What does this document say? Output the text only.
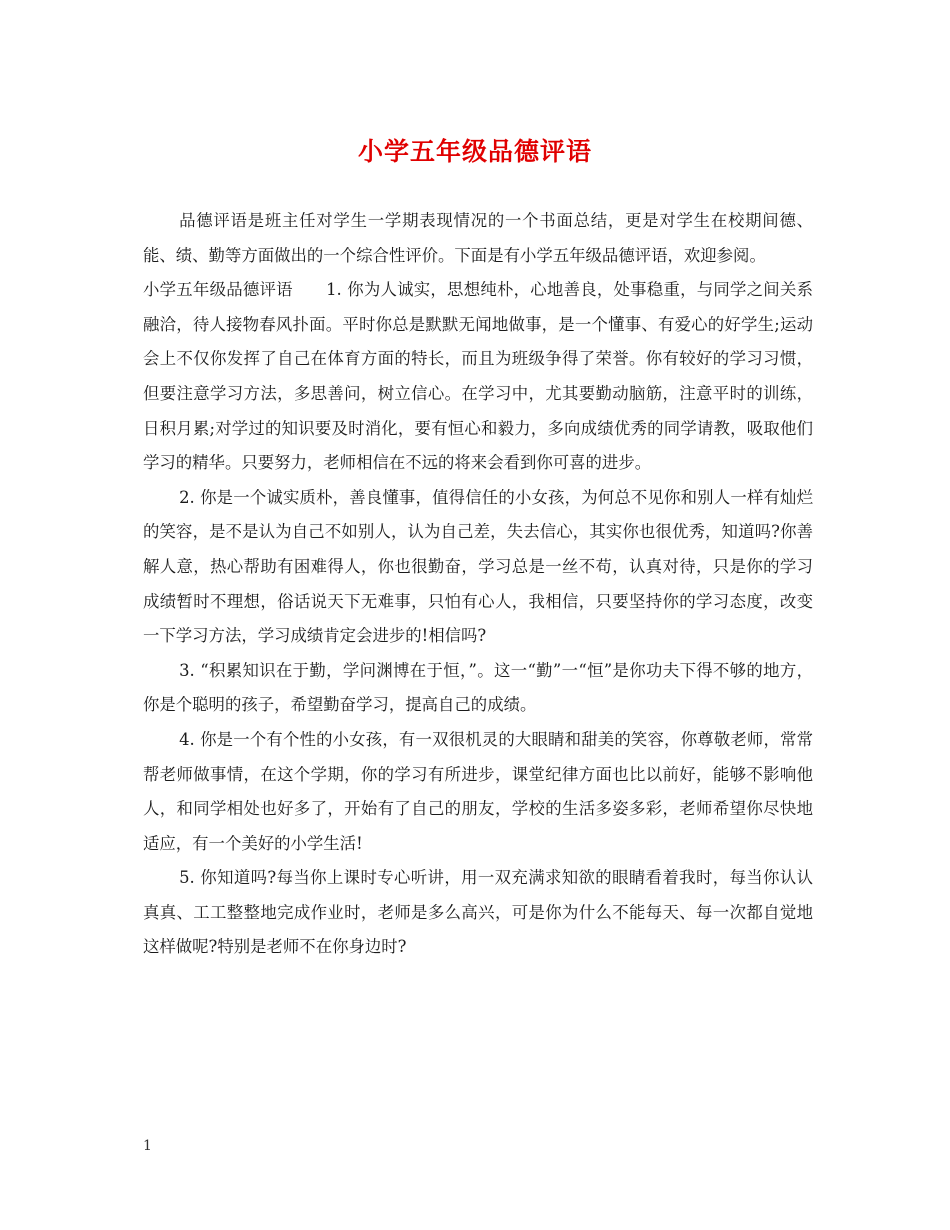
小学五年级品德评语

品德评语是班主任对学生一学期表现情况的一个书面总结，更是对学生在校期间德、能、绩、勤等方面做出的一个综合性评价。下面是有小学五年级品德评语，欢迎参阅。

小学五年级品德评语　　1. 你为人诚实，思想纯朴，心地善良，处事稳重，与同学之间关系融洽，待人接物春风扑面。平时你总是默默无闻地做事，是一个懂事、有爱心的好学生;运动会上不仅你发挥了自己在体育方面的特长，而且为班级争得了荣誉。你有较好的学习习惯，但要注意学习方法，多思善问，树立信心。在学习中，尤其要勤动脑筋，注意平时的训练，日积月累;对学过的知识要及时消化，要有恒心和毅力，多向成绩优秀的同学请教，吸取他们学习的精华。只要努力，老师相信在不远的将来会看到你可喜的进步。

2. 你是一个诚实质朴，善良懂事，值得信任的小女孩，为何总不见你和别人一样有灿烂的笑容，是不是认为自己不如别人，认为自己差，失去信心，其实你也很优秀，知道吗?你善解人意，热心帮助有困难得人，你也很勤奋，学习总是一丝不苟，认真对待，只是你的学习成绩暂时不理想，俗话说天下无难事，只怕有心人，我相信，只要坚持你的学习态度，改变一下学习方法，学习成绩肯定会进步的!相信吗?

3. “积累知识在于勤，学问渊博在于恒，”。这一“勤”一“恒”是你功夫下得不够的地方，你是个聪明的孩子，希望勤奋学习，提高自己的成绩。

4. 你是一个有个性的小女孩，有一双很机灵的大眼睛和甜美的笑容，你尊敬老师，常常帮老师做事情，在这个学期，你的学习有所进步，课堂纪律方面也比以前好，能够不影响他人，和同学相处也好多了，开始有了自己的朋友，学校的生活多姿多彩，老师希望你尽快地适应，有一个美好的小学生活!

5. 你知道吗?每当你上课时专心听讲，用一双充满求知欲的眼睛看着我时，每当你认认真真、工工整整地完成作业时，老师是多么高兴，可是你为什么不能每天、每一次都自觉地这样做呢?特别是老师不在你身边时?

1
